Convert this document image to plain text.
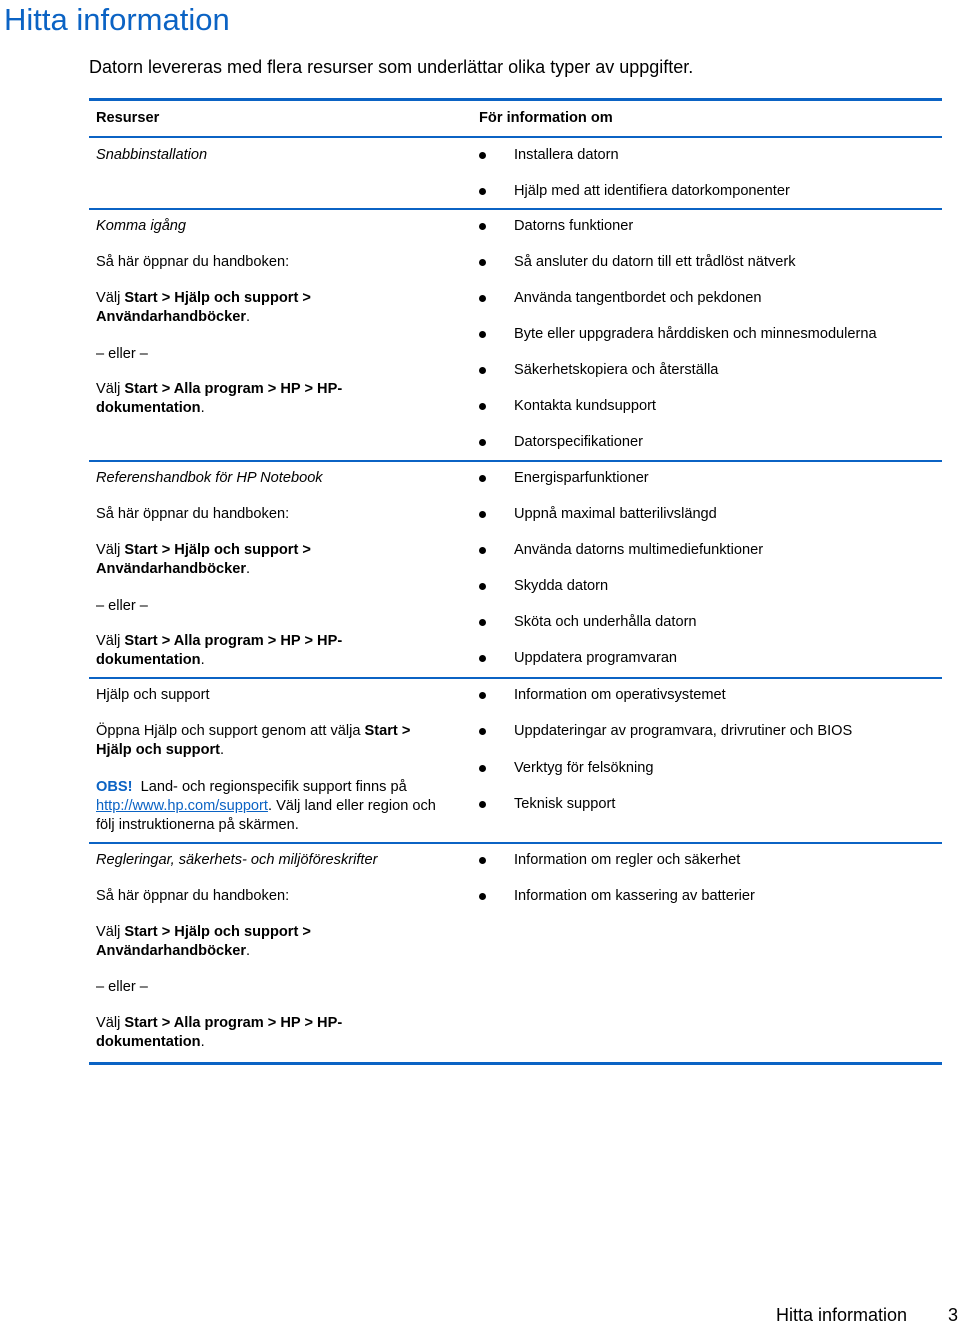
Hitta information

Datorn levereras med flera resurser som underlättar olika typer av uppgifter.

Resurser	För information om
Snabbinstallation	Installera datorn
Hjälp med att identifiera datorkomponenter
Komma igång
Så här öppnar du handboken:
Välj Start > Hjälp och support >
Användarhandböcker.
– eller –
Välj Start > Alla program > HP > HP-
dokumentation.
Datorns funktioner
Så ansluter du datorn till ett trådlöst nätverk
Använda tangentbordet och pekdonen
Byte eller uppgradera hårddisken och minnesmodulerna
Säkerhetskopiera och återställa
Kontakta kundsupport
Datorspecifikationer
Referenshandbok för HP Notebook
Så här öppnar du handboken:
Välj Start > Hjälp och support >
Användarhandböcker.
– eller –
Välj Start > Alla program > HP > HP-
dokumentation.
Energisparfunktioner
Uppnå maximal batterilivslängd
Använda datorns multimediefunktioner
Skydda datorn
Sköta och underhålla datorn
Uppdatera programvaran
Hjälp och support
Öppna Hjälp och support genom att välja Start >
Hjälp och support.
OBS! Land- och regionspecifik support finns på
http://www.hp.com/support. Välj land eller region och
följ instruktionerna på skärmen.
Information om operativsystemet
Uppdateringar av programvara, drivrutiner och BIOS
Verktyg för felsökning
Teknisk support
Regleringar, säkerhets- och miljöföreskrifter
Så här öppnar du handboken:
Välj Start > Hjälp och support >
Användarhandböcker.
– eller –
Välj Start > Alla program > HP > HP-
dokumentation.
Information om regler och säkerhet
Information om kassering av batterier
Hitta information 3
